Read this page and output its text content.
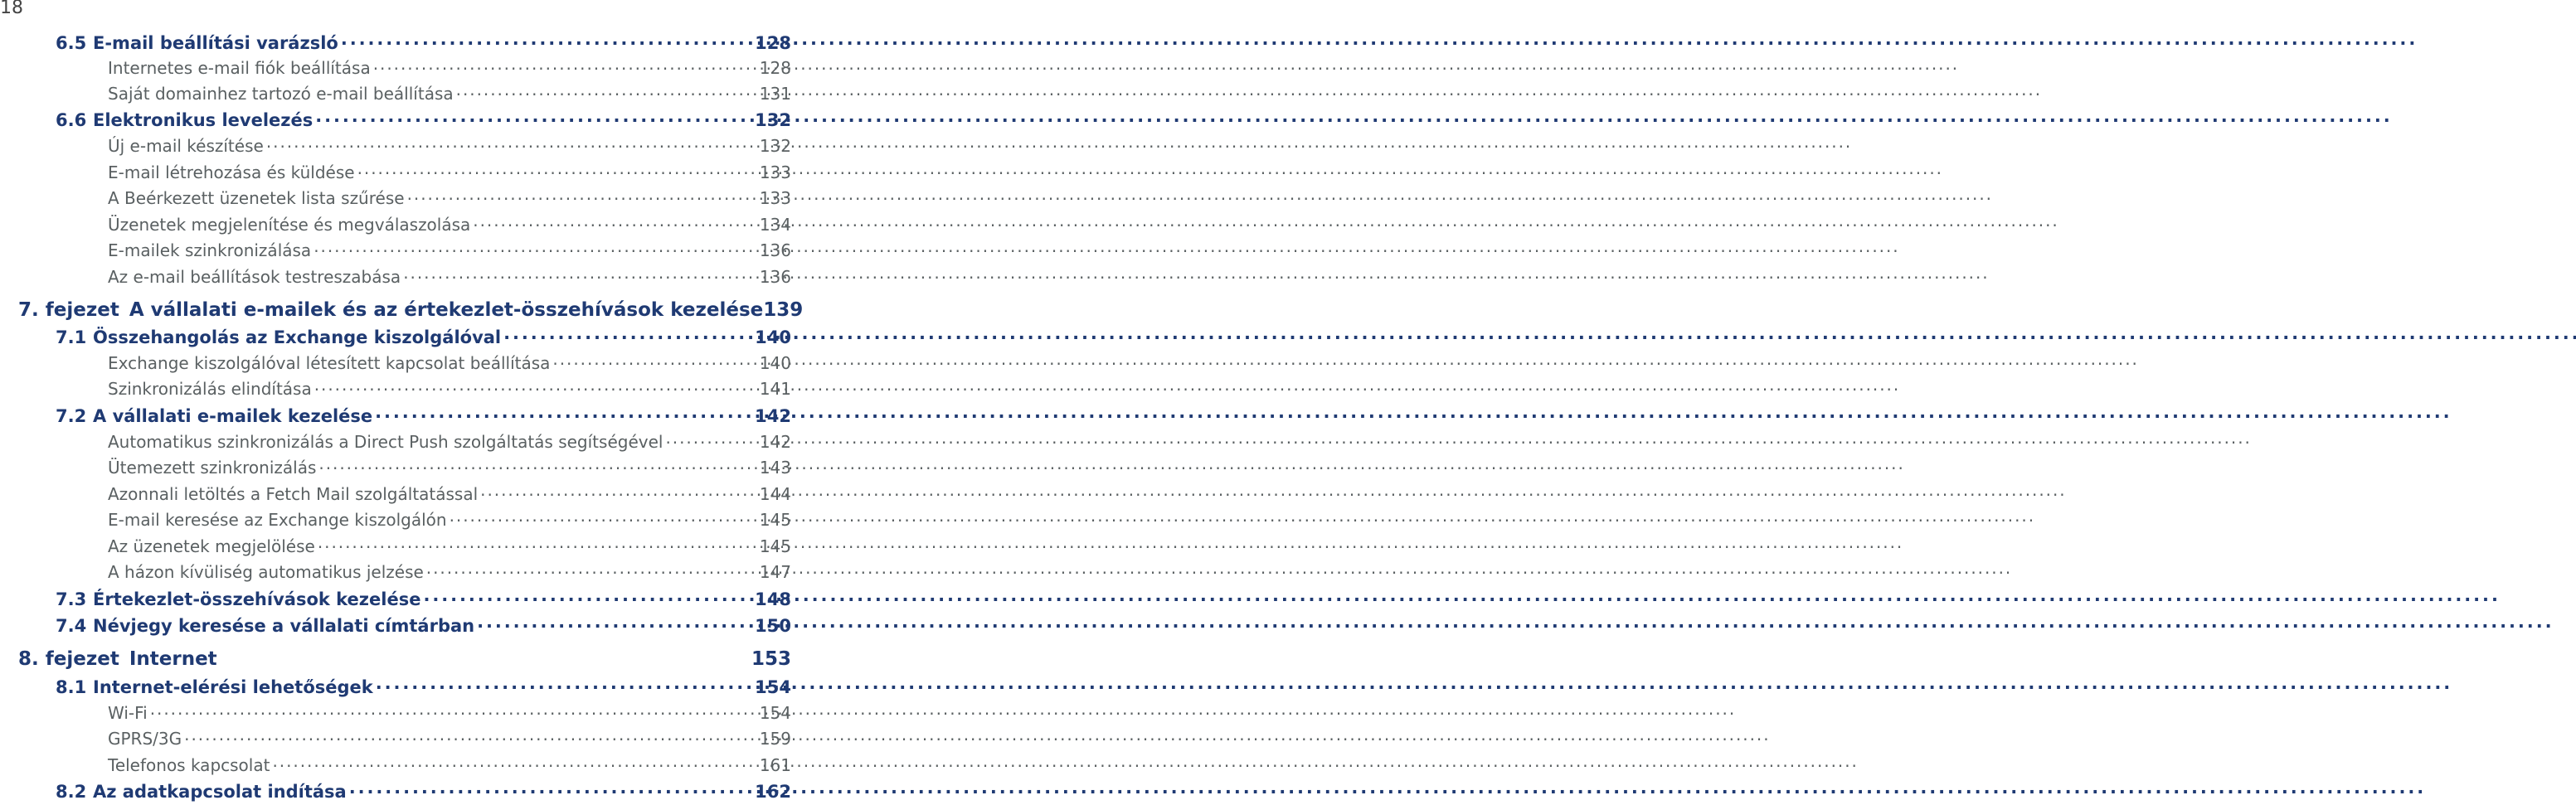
18
6.5 E-mail beállítási varázsló . . .	128
Internetes e-mail fiók beállítása . . .	128
Saját domainhez tartozó e-mail beállítása . . .	131
6.6 Elektronikus levelezés . . .	132
Új e-mail készítése . . .	132
E-mail létrehozása és küldése . . .	133
A Beérkezett üzenetek lista szűrése . . .	133
Üzenetek megjelenítése és megválaszolása . . .	134
E-mailek szinkronizálása . . .	136
Az e-mail beállítások testreszabása . . .	136
7. fejezet A vállalati e-mailek és az értekezlet-összehívások kezelése 139
7.1 Összehangolás az Exchange kiszolgálóval . . .	140
Exchange kiszolgálóval létesített kapcsolat beállítása . . .	140
Szinkronizálás elindítása . . .	141
7.2 A vállalati e-mailek kezelése . . .	142
Automatikus szinkronizálás a Direct Push szolgáltatás segítségével . . .	142
Ütemezett szinkronizálás . . .	143
Azonnali letöltés a Fetch Mail szolgáltatással . . .	144
E-mail keresése az Exchange kiszolgálón . . .	145
Az üzenetek megjelölése . . .	145
A házon kívüliség automatikus jelzése . . .	147
7.3 Értekezlet-összehívások kezelése . . .	148
7.4 Névjegy keresése a vállalati címtárban . . .	150
8. fejezet Internet	153
8.1 Internet-elérési lehetőségek . . .	154
Wi-Fi . . .	154
GPRS/3G . . .	159
Telefonos kapcsolat . . .	161
8.2 Az adatkapcsolat indítása . . .	162
